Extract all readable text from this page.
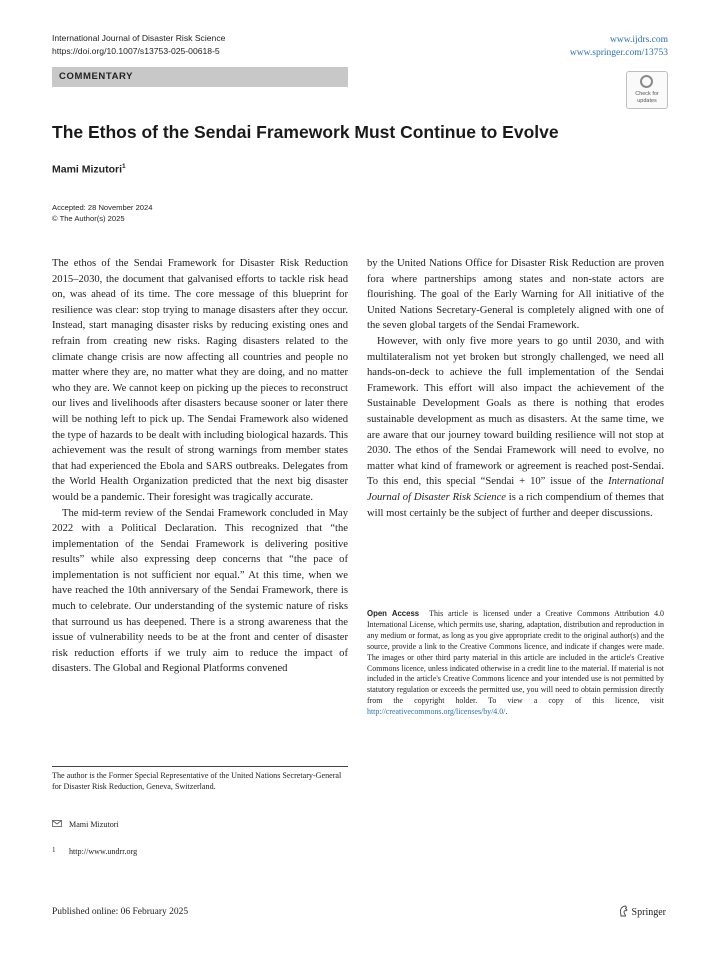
International Journal of Disaster Risk Science
https://doi.org/10.1007/s13753-025-00618-5
www.ijdrs.com
www.springer.com/13753
COMMENTARY
Check for
updates
The Ethos of the Sendai Framework Must Continue to Evolve
Mami Mizutori$^1$
Accepted: 28 November 2024
© The Author(s) 2025

The ethos of the Sendai Framework for Disaster Risk Reduction 2015–2030, the document that galvanised efforts to tackle risk head on, was ahead of its time. The core message of this blueprint for resilience was clear: stop trying to manage disasters after they occur. Instead, start managing disaster risks by reducing existing ones and refrain from creating new risks. Raging disasters related to the climate change crisis are now affecting all countries and people no matter where they are, no matter what they are doing, and no matter who they are. We cannot keep on picking up the pieces to reconstruct our lives and livelihoods after disasters because sooner or later there will be nothing left to pick up. The Sendai Framework also widened the type of hazards to be dealt with including biological hazards. This achievement was the result of strong warnings from member states that had experienced the Ebola and SARS outbreaks. Delegates from the World Health Organization predicted that the next big disaster would be a pandemic. Their foresight was tragically accurate.

The mid-term review of the Sendai Framework concluded in May 2022 with a Political Declaration. This recognized that “the implementation of the Sendai Framework is delivering positive results” while also expressing deep concerns that “the pace of implementation is not sufficient nor equal.” At this time, when we have reached the 10th anniversary of the Sendai Framework, there is much to celebrate. Our understanding of the systemic nature of risks that surround us has deepened. There is a strong awareness that the issue of vulnerability needs to be at the front and center of disaster risk reduction efforts if we truly aim to reduce the impact of disasters. The Global and Regional Platforms convened

by the United Nations Office for Disaster Risk Reduction are proven fora where partnerships among states and non-state actors are flourishing. The goal of the Early Warning for All initiative of the United Nations Secretary-General is completely aligned with one of the seven global targets of the Sendai Framework.

However, with only five more years to go until 2030, and with multilateralism not yet broken but strongly challenged, we need all hands-on-deck to achieve the full implementation of the Sendai Framework. This effort will also impact the achievement of the Sustainable Development Goals as there is nothing that erodes sustainable development as much as disasters. At the same time, we are aware that our journey toward building resilience will not stop at 2030. The ethos of the Sendai Framework will need to evolve, no matter what kind of framework or agreement is reached post-Sendai. To this end, this special “Sendai + 10” issue of the International Journal of Disaster Risk Science is a rich compendium of themes that will most certainly be the subject of further and deeper discussions.

Open Access This article is licensed under a Creative Commons Attribution 4.0 International License, which permits use, sharing, adaptation, distribution and reproduction in any medium or format, as long as you give appropriate credit to the original author(s) and the source, provide a link to the Creative Commons licence, and indicate if changes were made. The images or other third party material in this article are included in the article's Creative Commons licence, unless indicated otherwise in a credit line to the material. If material is not included in the article's Creative Commons licence and your intended use is not permitted by statutory regulation or exceeds the permitted use, you will need to obtain permission directly from the copyright holder. To view a copy of this licence, visit http://creativecommons.org/licenses/by/4.0/.
The author is the Former Special Representative of the United Nations Secretary-General for Disaster Risk Reduction, Geneva, Switzerland.
Mami Mizutori
1 http://www.undrr.org
Published online: 06 February 2025	Springer
